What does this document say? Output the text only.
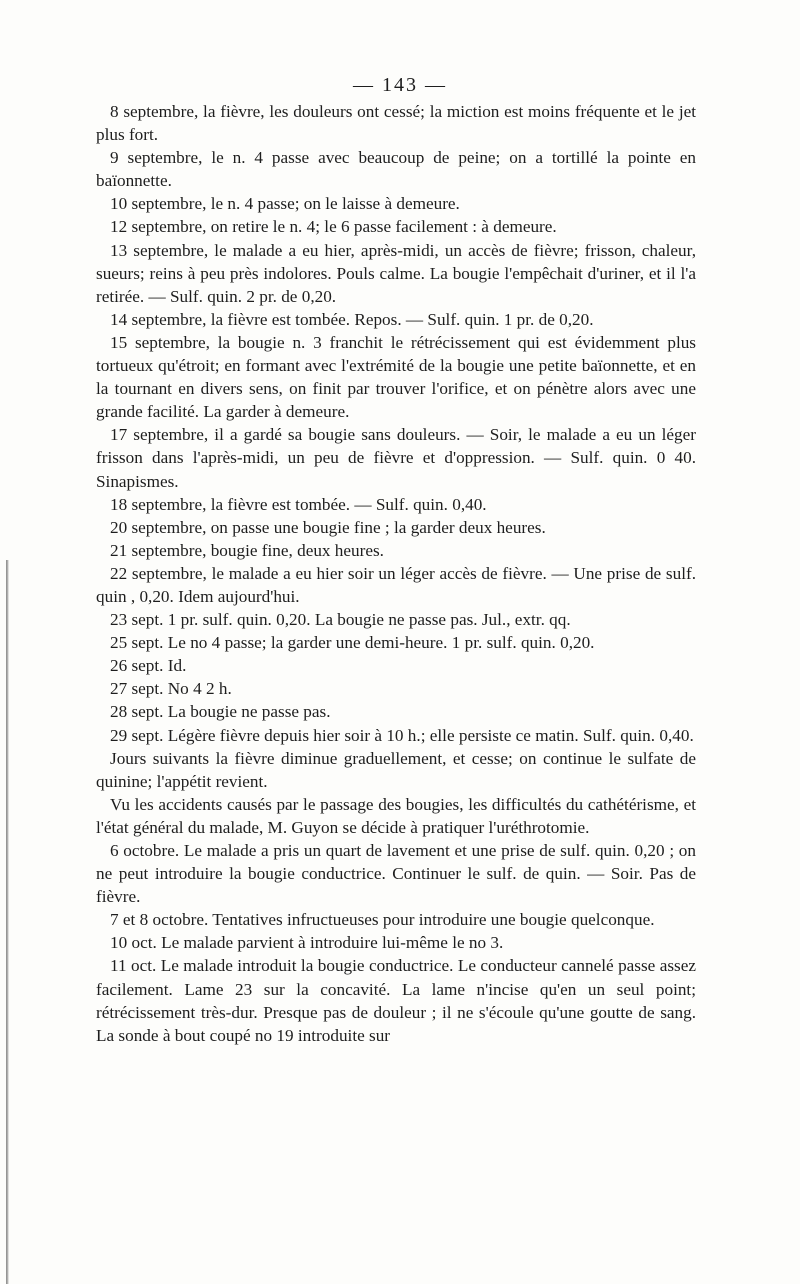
— 143 —

8 septembre, la fièvre, les douleurs ont cessé; la miction est moins fréquente et le jet plus fort.

9 septembre, le n. 4 passe avec beaucoup de peine; on a tortillé la pointe en baïonnette.

10 septembre, le n. 4 passe; on le laisse à demeure.

12 septembre, on retire le n. 4; le 6 passe facilement : à demeure.

13 septembre, le malade a eu hier, après-midi, un accès de fièvre; frisson, chaleur, sueurs; reins à peu près indolores. Pouls calme. La bougie l'empêchait d'uriner, et il l'a retirée. — Sulf. quin. 2 pr. de 0,20.

14 septembre, la fièvre est tombée. Repos. — Sulf. quin. 1 pr. de 0,20.

15 septembre, la bougie n. 3 franchit le rétrécissement qui est évidemment plus tortueux qu'étroit; en formant avec l'extrémité de la bougie une petite baïonnette, et en la tournant en divers sens, on finit par trouver l'orifice, et on pénètre alors avec une grande facilité. La garder à demeure.

17 septembre, il a gardé sa bougie sans douleurs. — Soir, le malade a eu un léger frisson dans l'après-midi, un peu de fièvre et d'oppression. — Sulf. quin. 0 40. Sinapismes.

18 septembre, la fièvre est tombée. — Sulf. quin. 0,40.

20 septembre, on passe une bougie fine ; la garder deux heures.

21 septembre, bougie fine, deux heures.

22 septembre, le malade a eu hier soir un léger accès de fièvre. — Une prise de sulf. quin , 0,20. Idem aujourd'hui.

23 sept. 1 pr. sulf. quin. 0,20. La bougie ne passe pas. Jul., extr. qq.

25 sept. Le no 4 passe; la garder une demi-heure. 1 pr. sulf. quin. 0,20.

26 sept. Id.

27 sept. No 4 2 h.

28 sept. La bougie ne passe pas.

29 sept. Légère fièvre depuis hier soir à 10 h.; elle persiste ce matin. Sulf. quin. 0,40.

Jours suivants la fièvre diminue graduellement, et cesse; on continue le sulfate de quinine; l'appétit revient.

Vu les accidents causés par le passage des bougies, les difficultés du cathétérisme, et l'état général du malade, M. Guyon se décide à pratiquer l'uréthrotomie.

6 octobre. Le malade a pris un quart de lavement et une prise de sulf. quin. 0,20 ; on ne peut introduire la bougie conductrice. Continuer le sulf. de quin. — Soir. Pas de fièvre.

7 et 8 octobre. Tentatives infructueuses pour introduire une bougie quelconque.

10 oct. Le malade parvient à introduire lui-même le no 3.

11 oct. Le malade introduit la bougie conductrice. Le conducteur cannelé passe assez facilement. Lame 23 sur la concavité. La lame n'incise qu'en un seul point; rétrécissement très-dur. Presque pas de douleur ; il ne s'écoule qu'une goutte de sang. La sonde à bout coupé no 19 introduite sur
